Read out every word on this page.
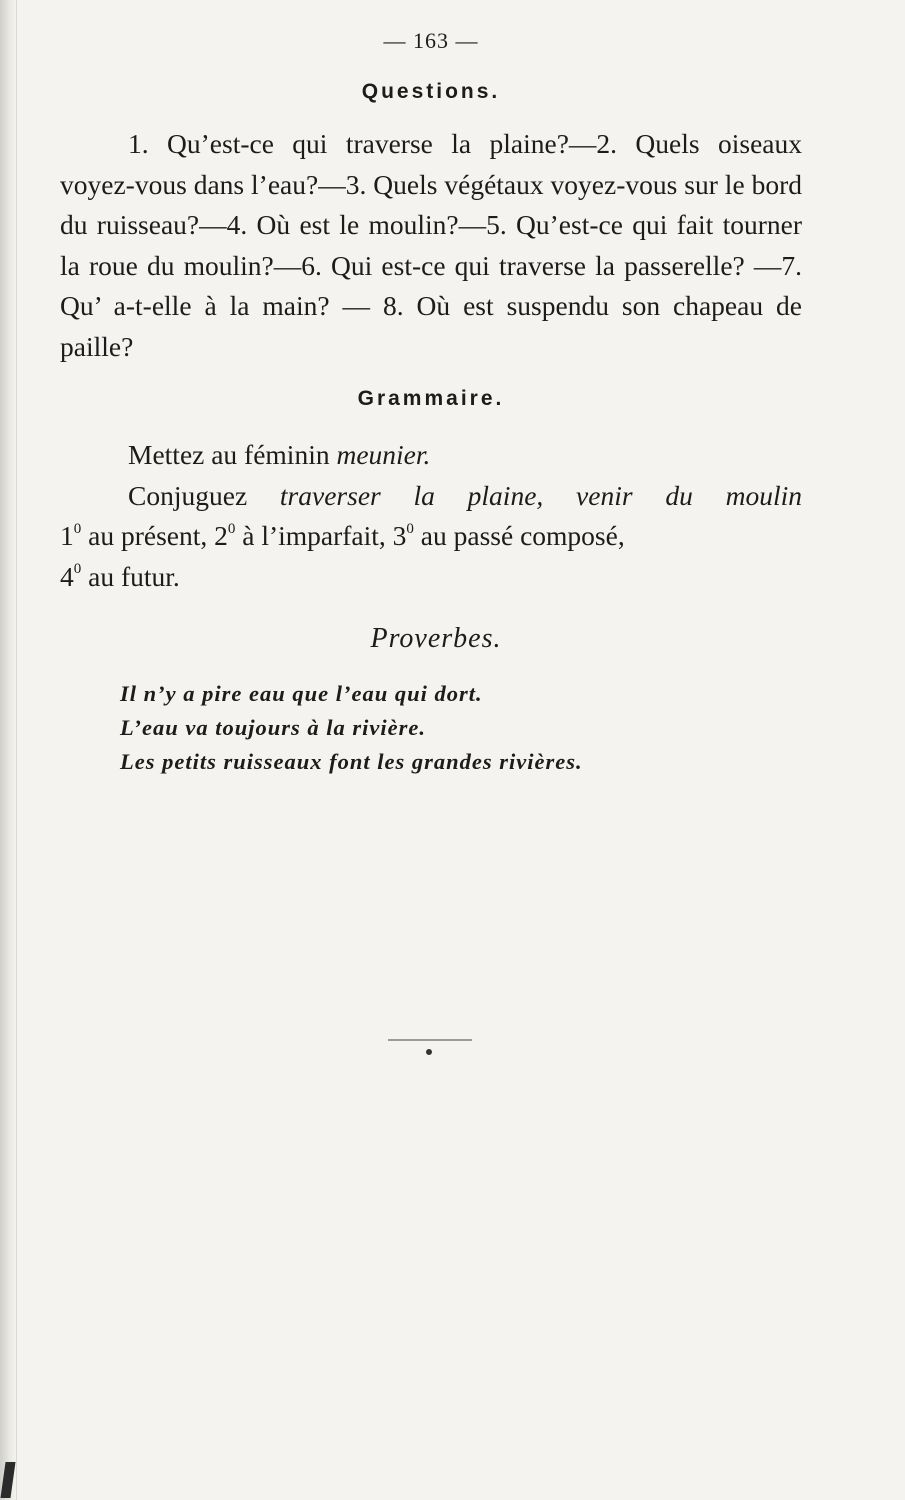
— 163 —
Questions.

1. Qu’est-ce qui traverse la plaine?—2. Quels oiseaux voyez-vous dans l’eau?—3. Quels végétaux voyez-vous sur le bord du ruisseau?—4. Où est le moulin?—5. Qu’est-ce qui fait tourner la roue du moulin?—6. Qui est-ce qui traverse la passerelle? —7. Qu’ a-t-elle à la main? — 8. Où est suspendu son chapeau de paille?

Grammaire.

Mettez au féminin meunier.

Conjuguez traverser la plaine, venir du moulin

$1^0$ au présent, $2^0$ à l’imparfait, $3^0$ au passé composé,
$4^0$ au futur.

Proverbes.
Il n’y a pire eau que l’eau qui dort.
L’eau va toujours à la rivière.
Les petits ruisseaux font les grandes rivières.
